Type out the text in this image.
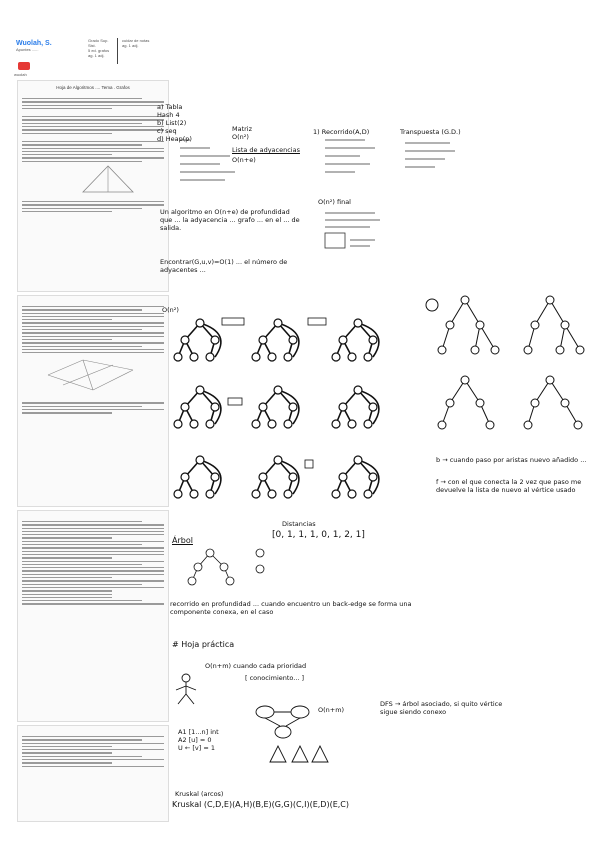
Wuolah, S.
Apuntes ......
wuolah
Grado Sup.
Sist.
5 ed. grafos
ag. 1 adj.
cuidar de notas
ag. 1 adj.
Hoja de Algoritmos .... Tema . Grafos
a) Tabla
Hash 4
b) List(2)
c) seq
d) Heap(p)
Matriz
O(n²)
Lista de adyacencias
O(n+e)
1) Recorrido(A,D)	Transpuesta (G.D.)
O(n²) final
Un algoritmo en O(n+e) de profundidad que ... la adyacencia ... grafo ... en el ... de salida.
Encontrar(G,u,v)=O(1) ... el número de adyacentes ...
O(n²)
b → cuando paso por aristas nuevo añadido ...
f → con el que conecta la 2 vez que paso me devuelve la lista de nuevo al vértice usado
Distancias
[0, 1, 1, 1, 0, 1, 2, 1]
Árbol
recorrido en profundidad ... cuando encuentro un back-edge se forma una componente conexa, en el caso
# Hoja práctica
O(n+m) cuando cada prioridad
[ conocimiento... ]
A1 [1...n] int
A2 [u] = 0
U ← [v] = 1
O(n+m)
DFS → árbol asociado, si quito vértice sigue siendo conexo
Kruskal (arcos)
Kruskal (C,D,E)(A,H)(B,E)(G,G)(C,I)(E,D)(E,C)
